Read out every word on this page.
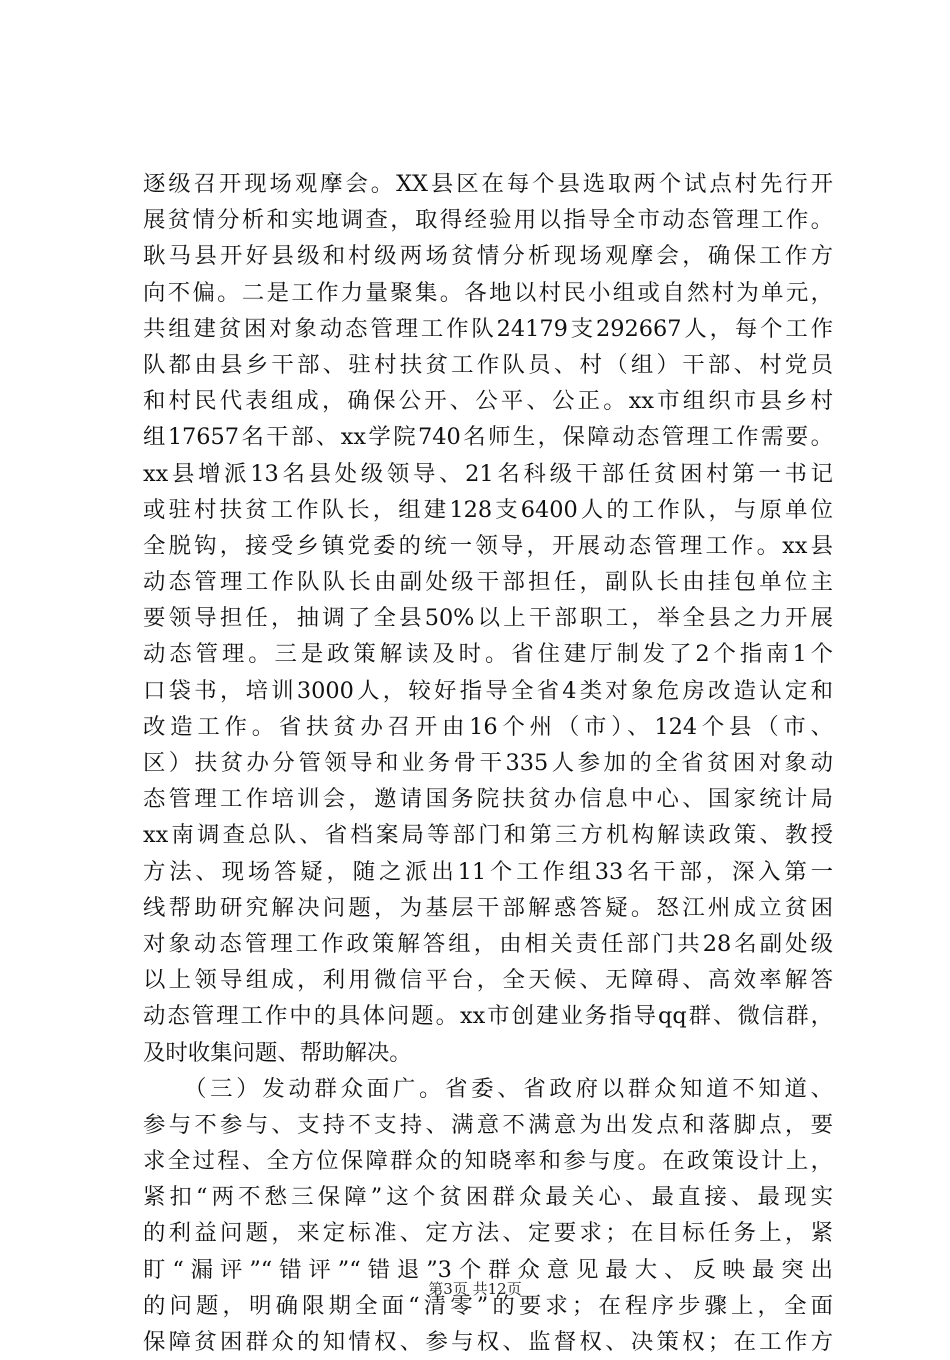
逐级召开现场观摩会。XX县区在每个县选取两个试点村先行开
展贫情分析和实地调查，取得经验用以指导全市动态管理工作。
耿马县开好县级和村级两场贫情分析现场观摩会，确保工作方
向不偏。二是工作力量聚集。各地以村民小组或自然村为单元，
共组建贫困对象动态管理工作队24179支292667人，每个工作
队都由县乡干部、驻村扶贫工作队员、村（组）干部、村党员
和村民代表组成，确保公开、公平、公正。xx市组织市县乡村
组17657名干部、xx学院740名师生，保障动态管理工作需要。
xx县增派13名县处级领导、21名科级干部任贫困村第一书记
或驻村扶贫工作队长，组建128支6400人的工作队，与原单位
全脱钩，接受乡镇党委的统一领导，开展动态管理工作。xx县
动态管理工作队队长由副处级干部担任，副队长由挂包单位主
要领导担任，抽调了全县50%以上干部职工，举全县之力开展
动态管理。三是政策解读及时。省住建厅制发了2个指南1个
口袋书，培训3000人，较好指导全省4类对象危房改造认定和
改造工作。省扶贫办召开由16个州（市）、124个县（市、
区）扶贫办分管领导和业务骨干335人参加的全省贫困对象动
态管理工作培训会，邀请国务院扶贫办信息中心、国家统计局
xx南调查总队、省档案局等部门和第三方机构解读政策、教授
方法、现场答疑，随之派出11个工作组33名干部，深入第一
线帮助研究解决问题，为基层干部解惑答疑。怒江州成立贫困
对象动态管理工作政策解答组，由相关责任部门共28名副处级
以上领导组成，利用微信平台，全天候、无障碍、高效率解答
动态管理工作中的具体问题。xx市创建业务指导qq群、微信群，
及时收集问题、帮助解决。
　　（三）发动群众面广。省委、省政府以群众知道不知道、
参与不参与、支持不支持、满意不满意为出发点和落脚点，要
求全过程、全方位保障群众的知晓率和参与度。在政策设计上，
紧扣“两不愁三保障”这个贫困群众最关心、最直接、最现实
的利益问题，来定标准、定方法、定要求；在目标任务上，紧
盯“漏评”“错评”“错退”3个群众意见最大、反映最突出
的问题，明确限期全面“清零”的要求；在程序步骤上，全面
保障贫困群众的知情权、参与权、监督权、决策权；在工作方
第3页 共12页
